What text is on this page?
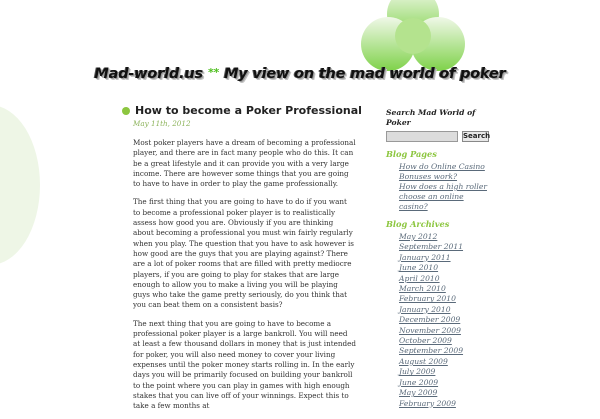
Mad-world.us ** My view on the mad world of poker
How to become a Poker Professional
May 11th, 2012

Most poker players have a dream of becoming a professional player, and there are in fact many people who do this. It can be a great lifestyle and it can provide you with a very large income. There are however some things that you are going to have to have in order to play the game professionally.

The first thing that you are going to have to do if you want to become a professional poker player is to realistically assess how good you are. Obviously if you are thinking about becoming a professional you must win fairly regularly when you play. The question that you have to ask however is how good are the guys that you are playing against? There are a lot of poker rooms that are filled with pretty mediocre players, if you are going to play for stakes that are large enough to allow you to make a living you will be playing guys who take the game pretty seriously, do you think that you can beat them on a consistent basis?

The next thing that you are going to have to become a professional poker player is a large bankroll. You will need at least a few thousand dollars in money that is just intended for poker, you will also need money to cover your living expenses until the poker money starts rolling in. In the early days you will be primarily focused on building your bankroll to the point where you can play in games with high enough stakes that you can live off of your winnings. Expect this to take a few months at

Search Mad World of Poker
Search
Blog Pages
How do Online Casino Bonuses work?
How does a high roller choose an online casino?
Blog Archives
May 2012
September 2011
January 2011
June 2010
April 2010
March 2010
February 2010
January 2010
December 2009
November 2009
October 2009
September 2009
August 2009
July 2009
June 2009
May 2009
February 2009
